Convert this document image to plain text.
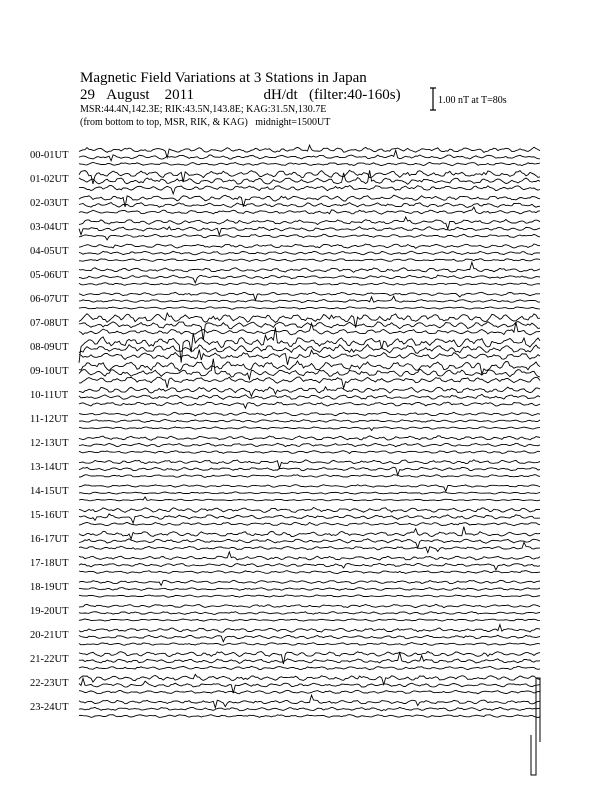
Magnetic Field Variations at 3 Stations in Japan
29 August 2011	dH/dt (filter:40-160s)
MSR:44.4N,142.3E; RIK:43.5N,143.8E; KAG:31.5N,130.7E
(from bottom to top, MSR, RIK, & KAG) midnight=1500UT
1.00 nT at T=80s
00-01UT
01-02UT
02-03UT
03-04UT
04-05UT
05-06UT
06-07UT
07-08UT
08-09UT
09-10UT
10-11UT
11-12UT
12-13UT
13-14UT
14-15UT
15-16UT
16-17UT
17-18UT
18-19UT
19-20UT
20-21UT
21-22UT
22-23UT
23-24UT
